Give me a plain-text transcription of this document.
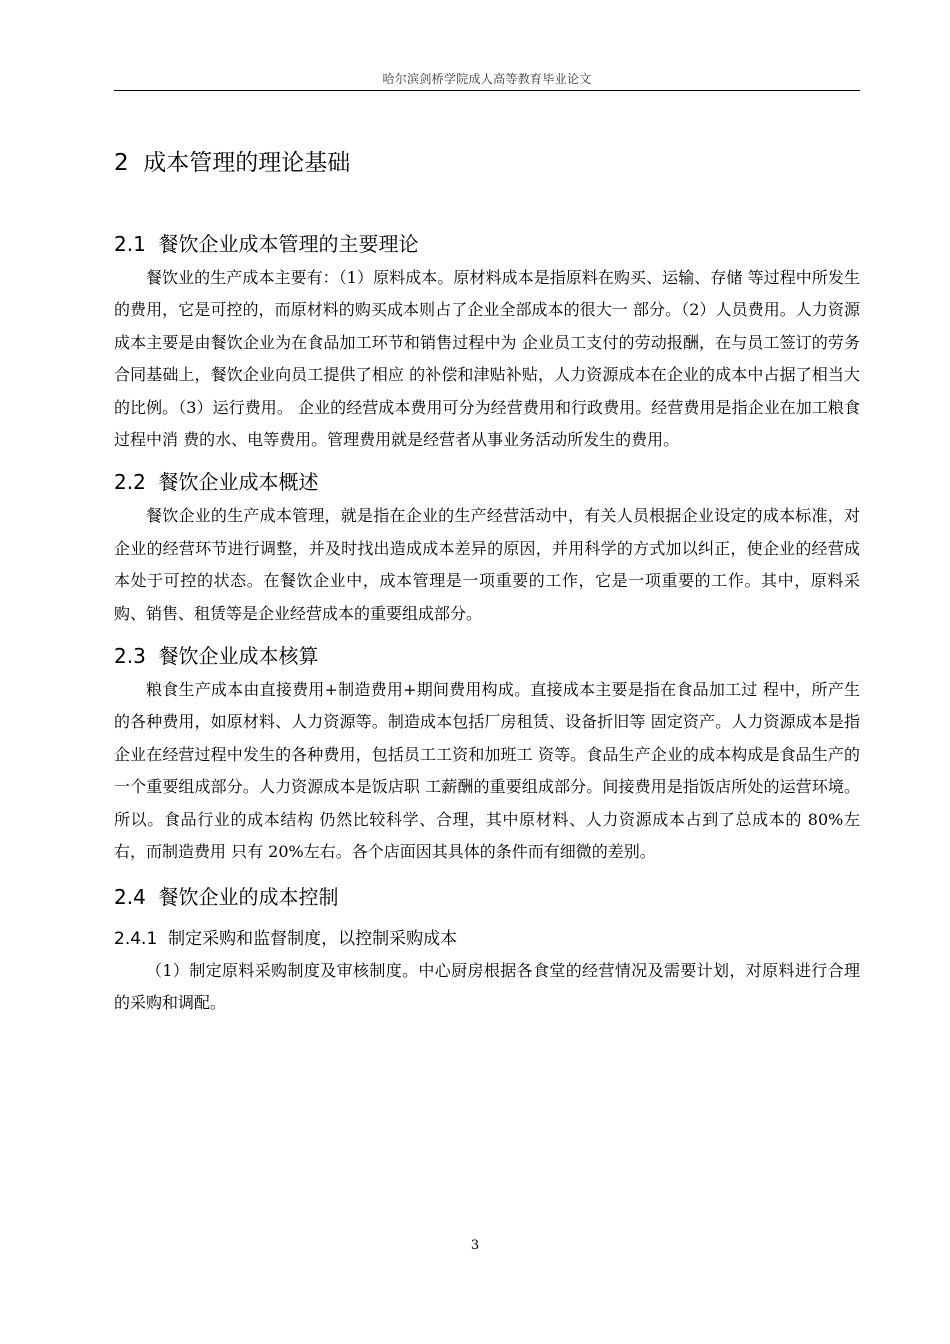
哈尔滨剑桥学院成人高等教育毕业论文
2 成本管理的理论基础
2.1 餐饮企业成本管理的主要理论

餐饮业的生产成本主要有：（1）原料成本。原材料成本是指原料在购买、运输、存储 等过程中所发生的费用，它是可控的，而原材料的购买成本则占了企业全部成本的很大一 部分。（2）人员费用。人力资源成本主要是由餐饮企业为在食品加工环节和销售过程中为 企业员工支付的劳动报酬，在与员工签订的劳务合同基础上，餐饮企业向员工提供了相应 的补偿和津贴补贴，人力资源成本在企业的成本中占据了相当大的比例。（3）运行费用。 企业的经营成本费用可分为经营费用和行政费用。经营费用是指企业在加工粮食过程中消 费的水、电等费用。管理费用就是经营者从事业务活动所发生的费用。

2.2 餐饮企业成本概述

餐饮企业的生产成本管理，就是指在企业的生产经营活动中，有关人员根据企业设定的成本标准，对企业的经营环节进行调整，并及时找出造成成本差异的原因，并用科学的方式加以纠正，使企业的经营成本处于可控的状态。在餐饮企业中，成本管理是一项重要的工作，它是一项重要的工作。其中，原料采购、销售、租赁等是企业经营成本的重要组成部分。

2.3 餐饮企业成本核算

粮食生产成本由直接费用+制造费用+期间费用构成。直接成本主要是指在食品加工过 程中，所产生的各种费用，如原材料、人力资源等。制造成本包括厂房租赁、设备折旧等 固定资产。人力资源成本是指企业在经营过程中发生的各种费用，包括员工工资和加班工 资等。食品生产企业的成本构成是食品生产的一个重要组成部分。人力资源成本是饭店职 工薪酬的重要组成部分。间接费用是指饭店所处的运营环境。所以。食品行业的成本结构 仍然比较科学、合理，其中原材料、人力资源成本占到了总成本的 80%左右，而制造费用 只有 20%左右。各个店面因其具体的条件而有细微的差别。

2.4 餐饮企业的成本控制
2.4.1 制定采购和监督制度，以控制采购成本

（1）制定原料采购制度及审核制度。中心厨房根据各食堂的经营情况及需要计划，对原料进行合理的采购和调配。

3
